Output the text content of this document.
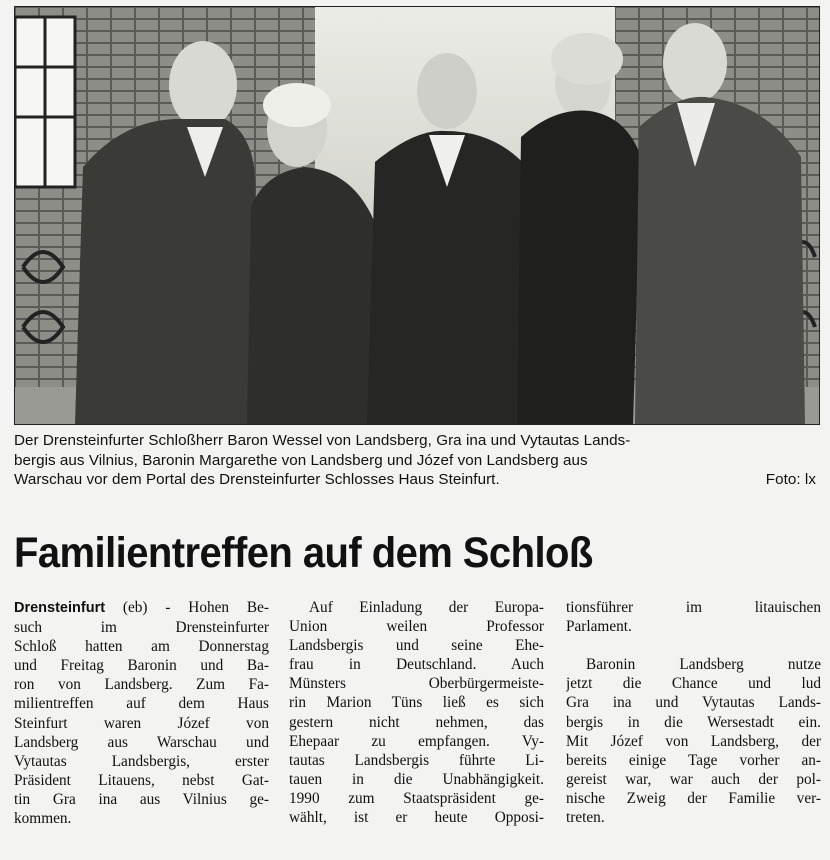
Der Drensteinfurter Schloßherr Baron Wessel von Landsberg, Gra ina und Vytautas Lands-
bergis aus Vilnius, Baronin Margarethe von Landsberg und Józef von Landsberg aus
Warschau vor dem Portal des Drensteinfurter Schlosses Haus Steinfurt.	Foto: lx
Familientreffen auf dem Schloß
Drensteinfurt (eb) - Hohen Be-
such im Drensteinfurter
Schloß hatten am Donnerstag
und Freitag Baronin und Ba-
ron von Landsberg. Zum Fa-
milientreffen auf dem Haus
Steinfurt waren Józef von
Landsberg aus Warschau und
Vytautas Landsbergis, erster
Präsident Litauens, nebst Gat-
tin Gra ina aus Vilnius ge-
kommen.
Auf Einladung der Europa-
Union weilen Professor
Landsbergis und seine Ehe-
frau in Deutschland. Auch
Münsters Oberbürgermeiste-
rin Marion Tüns ließ es sich
gestern nicht nehmen, das
Ehepaar zu empfangen. Vy-
tautas Landsbergis führte Li-
tauen in die Unabhängigkeit.
1990 zum Staatspräsident ge-
wählt, ist er heute Opposi-
tionsführer im litauischen
Parlament.
Baronin Landsberg nutze
jetzt die Chance und lud
Gra ina und Vytautas Lands-
bergis in die Wersestadt ein.
Mit Józef von Landsberg, der
bereits einige Tage vorher an-
gereist war, war auch der pol-
nische Zweig der Familie ver-
treten.
